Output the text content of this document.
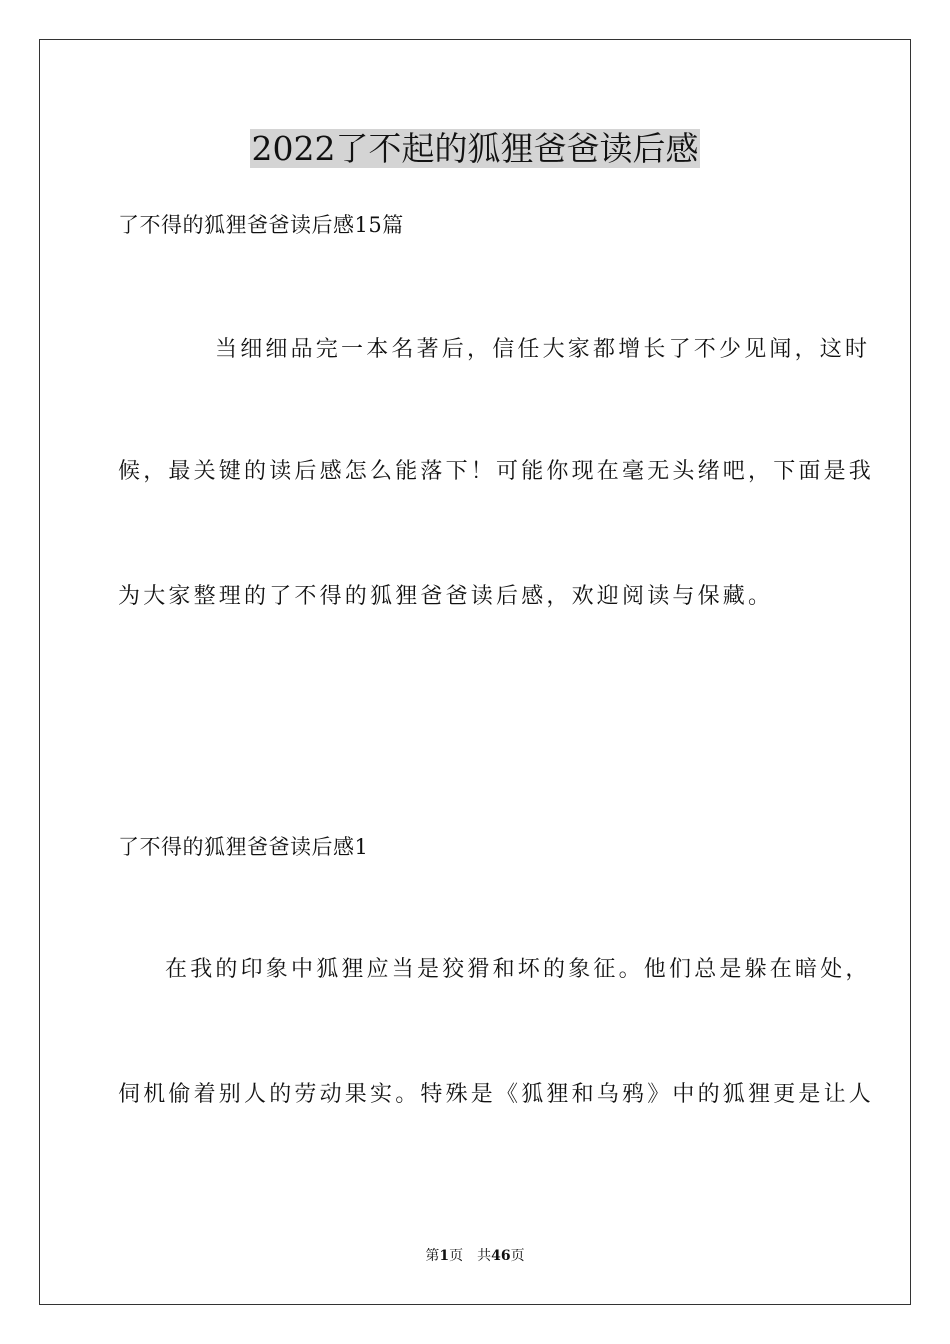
2022了不起的狐狸爸爸读后感

了不得的狐狸爸爸读后感15篇

当细细品完一本名著后，信任大家都增长了不少见闻，这时

候，最关键的读后感怎么能落下！可能你现在毫无头绪吧，下面是我

为大家整理的了不得的狐狸爸爸读后感，欢迎阅读与保藏。

了不得的狐狸爸爸读后感1

在我的印象中狐狸应当是狡猾和坏的象征。他们总是躲在暗处，

伺机偷着别人的劳动果实。特殊是《狐狸和乌鸦》中的狐狸更是让人

第1页 共46页
